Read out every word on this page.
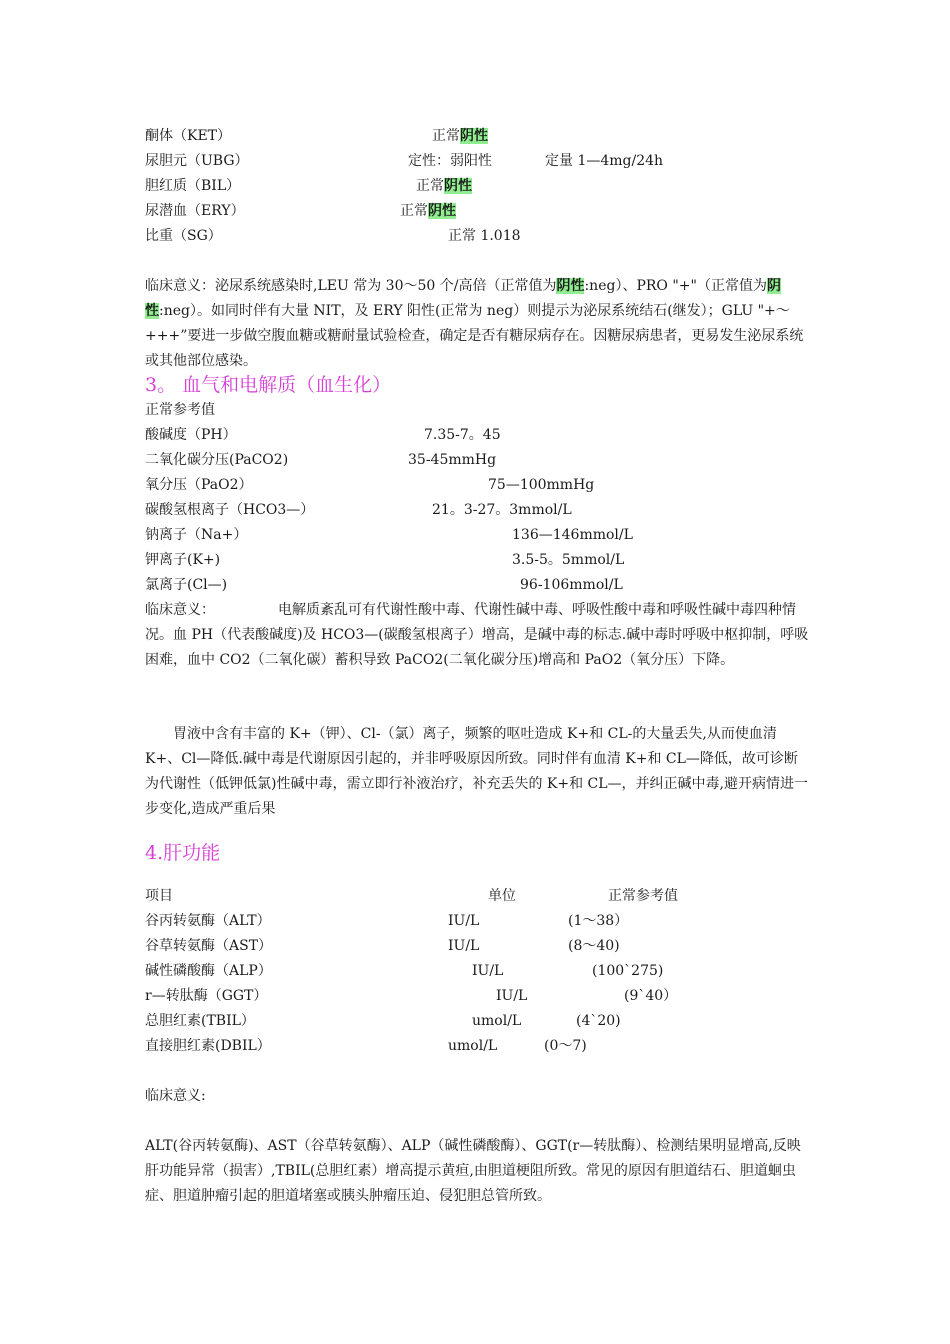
酮体（KET）	正常阴性
尿胆元（UBG）	定性：弱阳性	定量 1—4mg/24h
胆红质（BIL）	正常阴性
尿潜血（ERY）	正常阴性
比重（SG）	正常 1.018

临床意义：泌尿系统感染时,LEU 常为 30～50 个/高倍（正常值为阴性:neg）、PRO "+"（正常值为阴性:neg）。如同时伴有大量 NIT，及 ERY 阳性(正常为 neg）则提示为泌尿系统结石(继发）；GLU "+～+++”要进一步做空腹血糖或糖耐量试验检查，确定是否有糖尿病存在。因糖尿病患者，更易发生泌尿系统或其他部位感染。

3。 血气和电解质（血生化）
正常参考值
酸碱度（PH）	7.35-7。45
二氧化碳分压(PaCO2)	35-45mmHg
氧分压（PaO2）	75—100mmHg
碳酸氢根离子（HCO3—）	21。3-27。3mmol/L
钠离子（Na+）	136—146mmol/L
钾离子(K+)	3.5-5。5mmol/L
氯离子(Cl—)	96-106mmol/L

临床意义：　　　　　电解质紊乱可有代谢性酸中毒、代谢性碱中毒、呼吸性酸中毒和呼吸性碱中毒四种情况。血 PH（代表酸碱度)及 HCO3—(碳酸氢根离子）增高，是碱中毒的标志.碱中毒时呼吸中枢抑制，呼吸困难，血中 CO2（二氧化碳）蓄积导致 PaCO2(二氧化碳分压)增高和 PaO2（氧分压）下降。

　　胃液中含有丰富的 K+（钾）、Cl-（氯）离子，频繁的呕吐造成 K+和 CL-的大量丢失,从而使血清 K+、Cl—降低.碱中毒是代谢原因引起的，并非呼吸原因所致。同时伴有血清 K+和 CL—降低，故可诊断为代谢性（低钾低氯)性碱中毒，需立即行补液治疗，补充丢失的 K+和 CL—，并纠正碱中毒,避开病情进一步变化,造成严重后果

4.肝功能
项目	单位	正常参考值
谷丙转氨酶（ALT）	IU/L	(1～38）
谷草转氨酶（AST）	IU/L	(8～40)
碱性磷酸酶（ALP）	IU/L	(100`275)
r—转肽酶（GGT）	IU/L	(9`40）
总胆红素(TBIL）	umol/L	(4`20)
直接胆红素(DBIL）	umol/L	(0～7)
临床意义:

ALT(谷丙转氨酶)、AST（谷草转氨酶）、ALP（碱性磷酸酶）、GGT(r—转肽酶）、检测结果明显增高,反映肝功能异常（损害）,TBIL(总胆红素）增高提示黄疸,由胆道梗阻所致。常见的原因有胆道结石、胆道蛔虫症、胆道肿瘤引起的胆道堵塞或胰头肿瘤压迫、侵犯胆总管所致。
